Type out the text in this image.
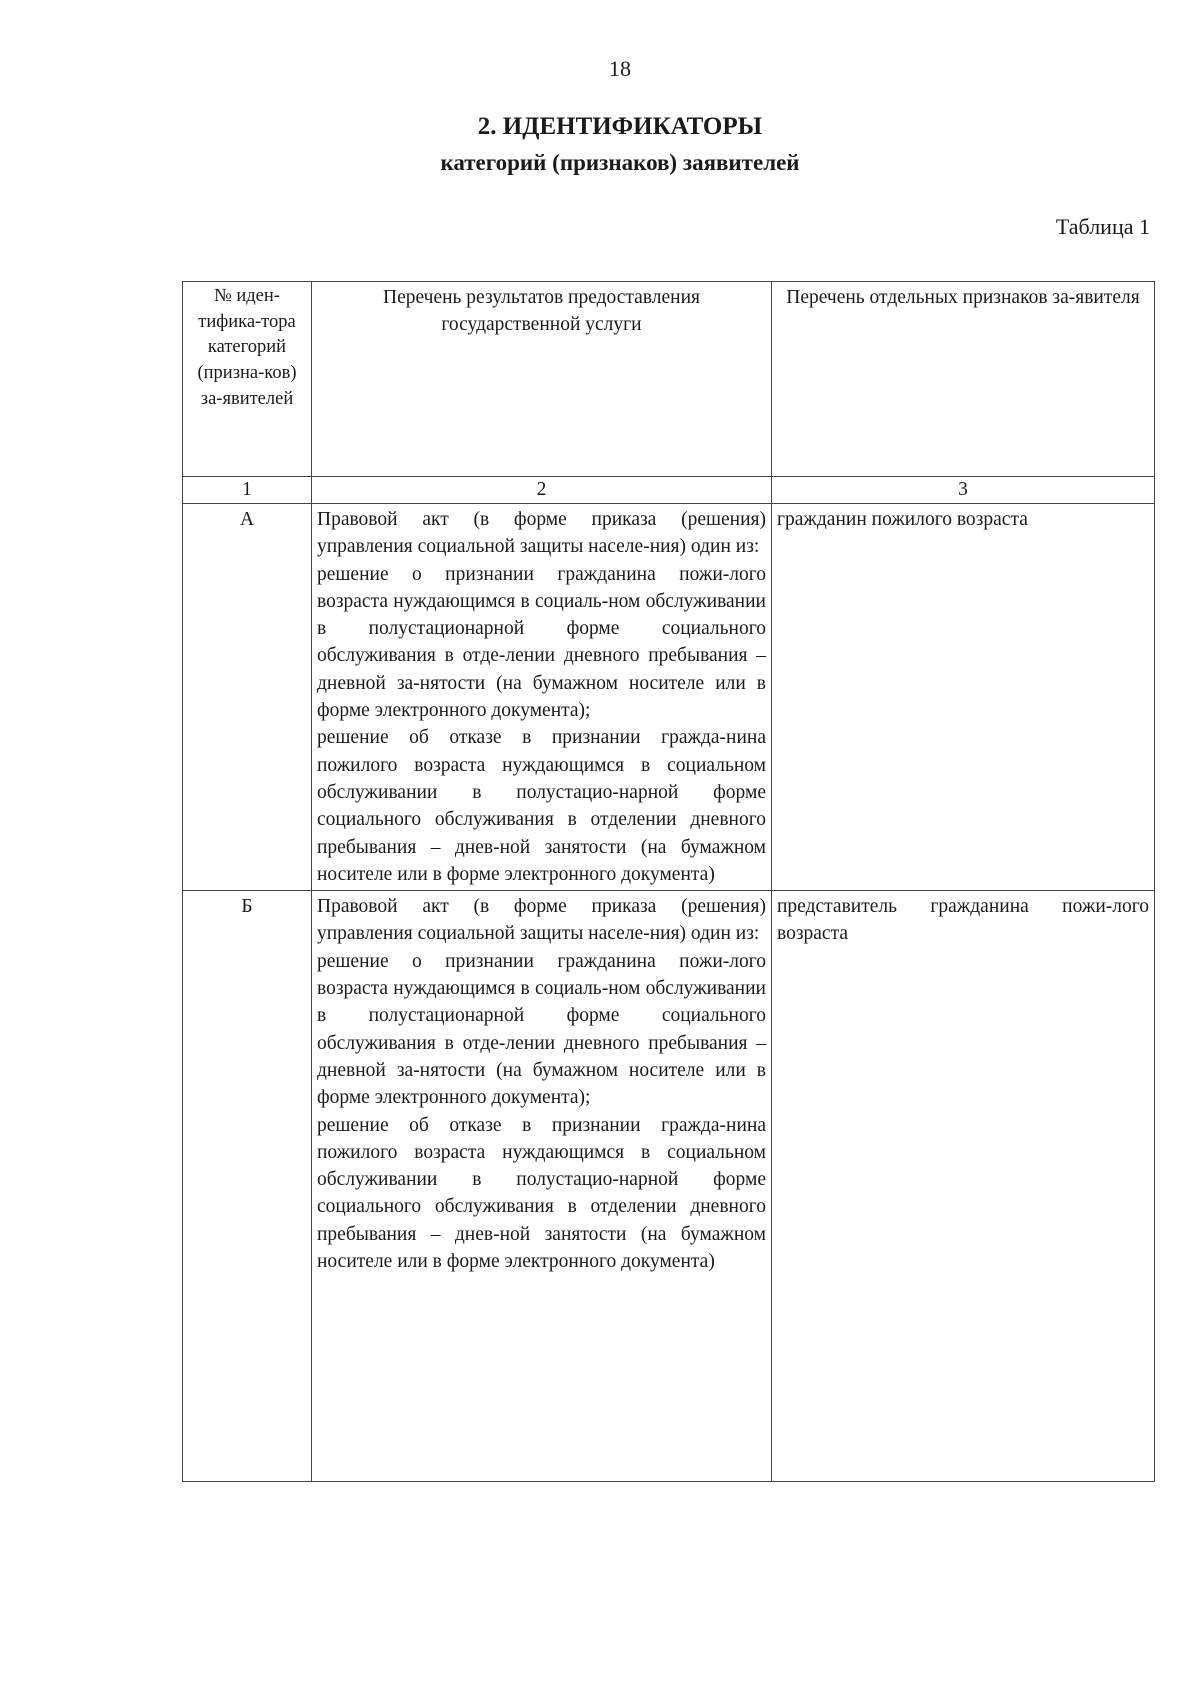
18
2. ИДЕНТИФИКАТОРЫ
категорий (признаков) заявителей
Таблица 1
№ иден-тифика-тора категорий (призна-ков) за-явителей	Перечень результатов предоставления государственной услуги	Перечень отдельных признаков за-явителя
1	2	3
А	Правовой акт (в форме приказа (решения) управления социальной защиты населе-ния) один из:
решение о признании гражданина пожи-лого возраста нуждающимся в социаль-ном обслуживании в полустационарной форме социального обслуживания в отде-лении дневного пребывания – дневной за-нятости (на бумажном носителе или в форме электронного документа);
решение об отказе в признании гражда-нина пожилого возраста нуждающимся в социальном обслуживании в полустацио-нарной форме социального обслуживания в отделении дневного пребывания – днев-ной занятости (на бумажном носителе или в форме электронного документа)	гражданин пожилого возраста
Б	Правовой акт (в форме приказа (решения) управления социальной защиты населе-ния) один из:
решение о признании гражданина пожи-лого возраста нуждающимся в социаль-ном обслуживании в полустационарной форме социального обслуживания в отде-лении дневного пребывания – дневной за-нятости (на бумажном носителе или в форме электронного документа);
решение об отказе в признании гражда-нина пожилого возраста нуждающимся в социальном обслуживании в полустацио-нарной форме социального обслуживания в отделении дневного пребывания – днев-ной занятости (на бумажном носителе или в форме электронного документа)	представитель гражданина пожи-лого возраста
